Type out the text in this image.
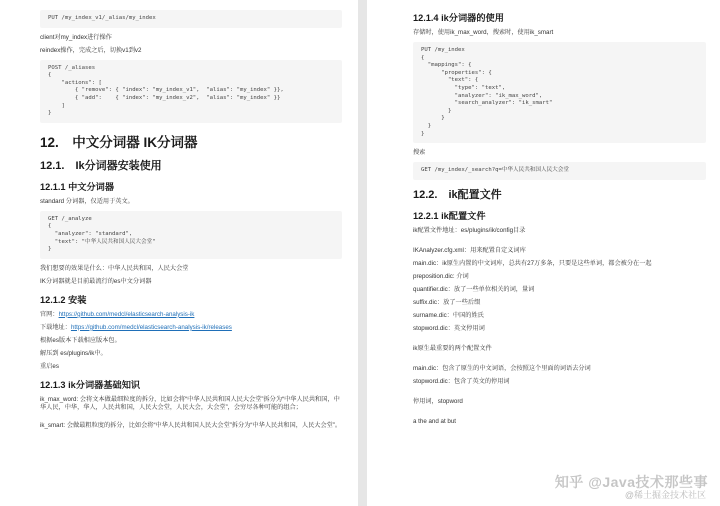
PUT /my_index_v1/_alias/my_index
client对my_index进行操作
reindex操作，完成之后，切换v1到v2
POST /_aliases
{
"actions": [
{ "remove": { "index": "my_index_v1",  "alias": "my_index" }},
{ "add":    { "index": "my_index_v2",  "alias": "my_index" }}
]
}
12.　中文分词器 IK分词器
12.1.　Ik分词器安装使用
12.1.1 中文分词器
standard 分词器，仅适用于英文。
GET /_analyze
{
"analyzer": "standard",
"text": "中华人民共和国人民大会堂"
}
我们想要的效果是什么：中华人民共和国，人民大会堂
IK分词器就是目前最流行的es中文分词器
12.1.2 安装
官网：https://github.com/medcl/elasticsearch-analysis-ik
下载地址：https://github.com/medcl/elasticsearch-analysis-ik/releases
根据es版本下载相应版本包。
解压到 es/plugins/ik中。
重启es
12.1.3 ik分词器基础知识
ik_max_word: 会将文本做最细粒度的拆分，比如会将“中华人民共和国人民大会堂”拆分为“中华人民共和国，中华人民，中华，华人，人民共和国，人民大会堂，人民大会，大会堂”，会穷尽各种可能的组合；
ik_smart: 会做最粗粒度的拆分，比如会将“中华人民共和国人民大会堂”拆分为“中华人民共和国，人民大会堂”。
12.1.4 ik分词器的使用
存储时，使用ik_max_word，搜索时，使用ik_smart
PUT /my_index
{
"mappings": {
"properties": {
"text": {
"type": "text",
"analyzer": "ik_max_word",
"search_analyzer": "ik_smart"
}
}
}
}
搜索
GET /my_index/_search?q=中华人民共和国人民大会堂
12.2.　ik配置文件
12.2.1 ik配置文件
ik配置文件地址：es/plugins/ik/config目录
IKAnalyzer.cfg.xml：用来配置自定义词库
main.dic：ik原生内置的中文词库，总共有27万多条，只要是这些单词，都会被分在一起
preposition.dic: 介词
quantifier.dic：放了一些单位相关的词，量词
suffix.dic：放了一些后缀
surname.dic：中国的姓氏
stopword.dic：英文停用词
ik原生最重要的两个配置文件
main.dic：包含了原生的中文词语，会按照这个里面的词语去分词
stopword.dic：包含了英文的停用词
停用词，stopword
a the and at but
知乎 @Java技术那些事
@稀土掘金技术社区
